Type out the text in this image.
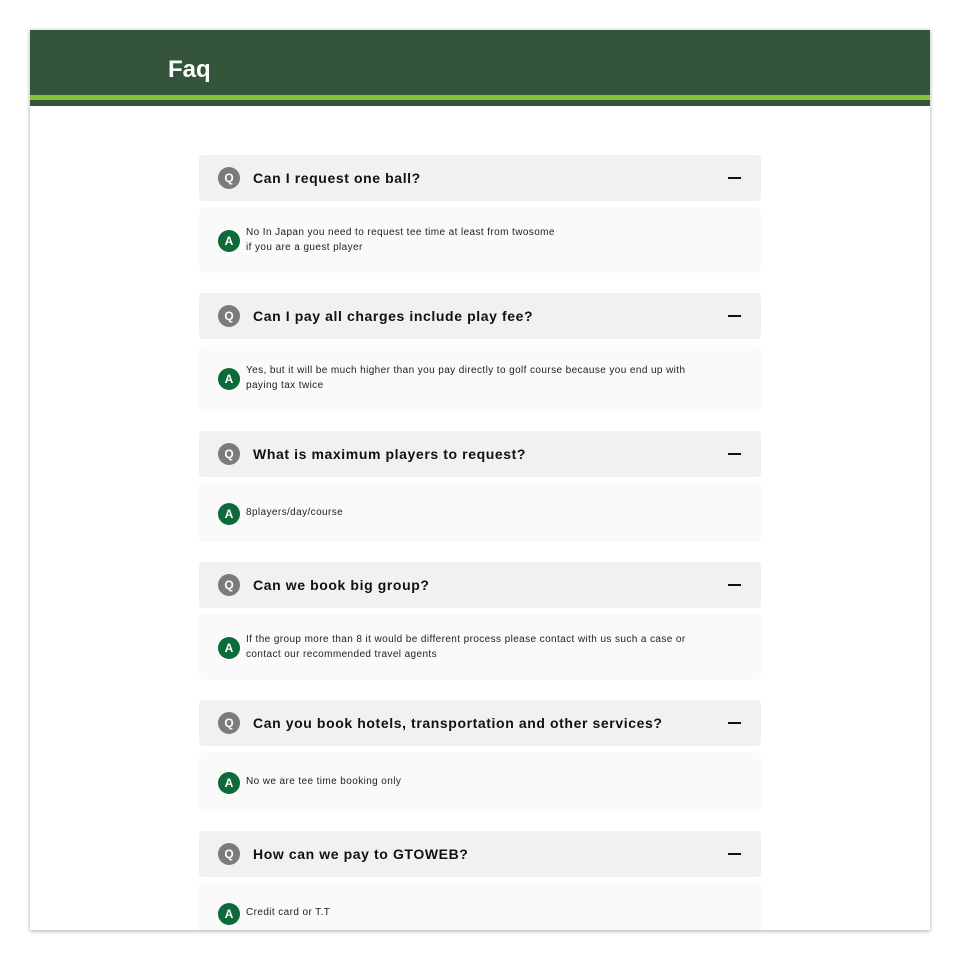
Faq
Q	Can I request one ball?
A
No In Japan you need to request tee time at least from twosome
if you are a guest player
Q	Can I pay all charges include play fee?
A
Yes, but it will be much higher than you pay directly to golf course because you end up with
paying tax twice
Q	What is maximum players to request?
A	8players/day/course
Q	Can we book big group?
A
If the group more than 8 it would be different process please contact with us such a case or
contact our recommended travel agents
Q	Can you book hotels, transportation and other services?
A	No we are tee time booking only
Q	How can we pay to GTOWEB?
A	Credit card or T.T
